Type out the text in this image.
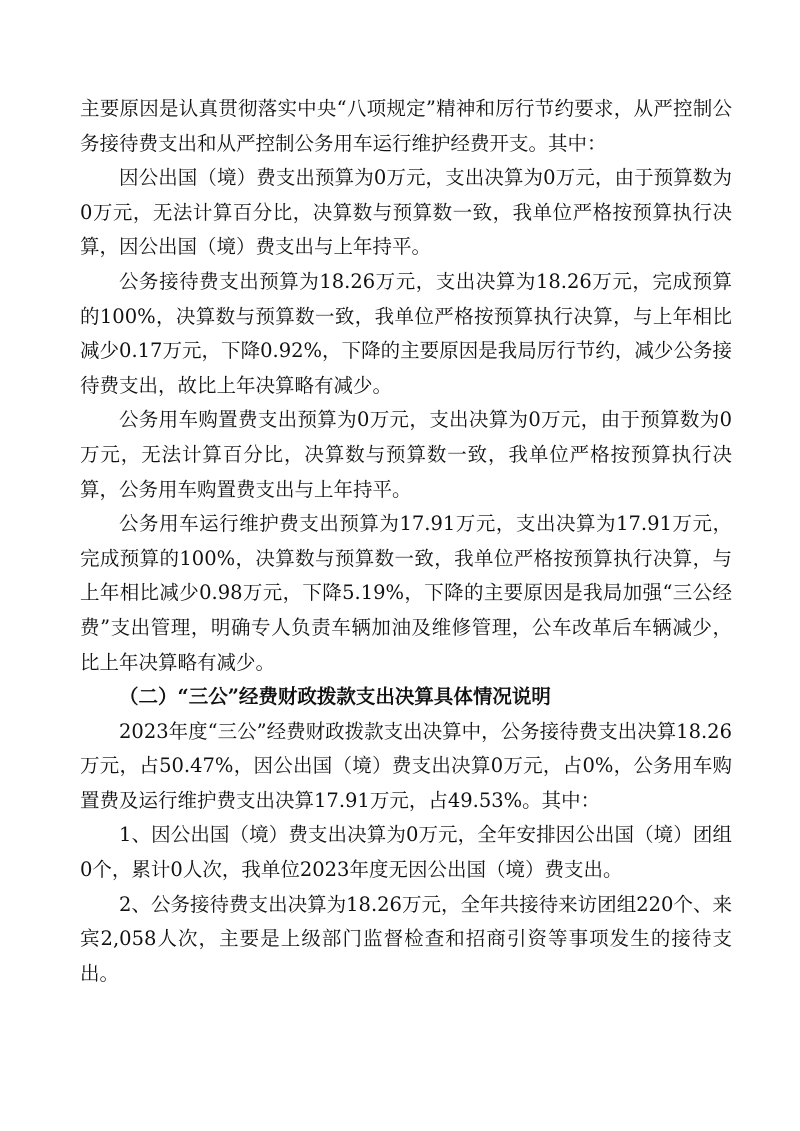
主要原因是认真贯彻落实中央“八项规定”精神和厉行节约要求，从严控制公务接待费支出和从严控制公务用车运行维护经费开支。其中：

因公出国（境）费支出预算为0万元，支出决算为0万元，由于预算数为0万元，无法计算百分比，决算数与预算数一致，我单位严格按预算执行决算，因公出国（境）费支出与上年持平。

公务接待费支出预算为18.26万元，支出决算为18.26万元，完成预算的100%，决算数与预算数一致，我单位严格按预算执行决算，与上年相比减少0.17万元，下降0.92%，下降的主要原因是我局厉行节约，减少公务接待费支出，故比上年决算略有减少。

公务用车购置费支出预算为0万元，支出决算为0万元，由于预算数为0万元，无法计算百分比，决算数与预算数一致，我单位严格按预算执行决算，公务用车购置费支出与上年持平。

公务用车运行维护费支出预算为17.91万元，支出决算为17.91万元，完成预算的100%，决算数与预算数一致，我单位严格按预算执行决算，与上年相比减少0.98万元，下降5.19%，下降的主要原因是我局加强“三公经费”支出管理，明确专人负责车辆加油及维修管理，公车改革后车辆减少，比上年决算略有减少。

（二）“三公”经费财政拨款支出决算具体情况说明

2023年度“三公”经费财政拨款支出决算中，公务接待费支出决算18.26万元，占50.47%，因公出国（境）费支出决算0万元，占0%，公务用车购置费及运行维护费支出决算17.91万元，占49.53%。其中：

1、因公出国（境）费支出决算为0万元，全年安排因公出国（境）团组0个，累计0人次，我单位2023年度无因公出国（境）费支出。

2、公务接待费支出决算为18.26万元，全年共接待来访团组220个、来宾2,058人次，主要是上级部门监督检查和招商引资等事项发生的接待支出。
